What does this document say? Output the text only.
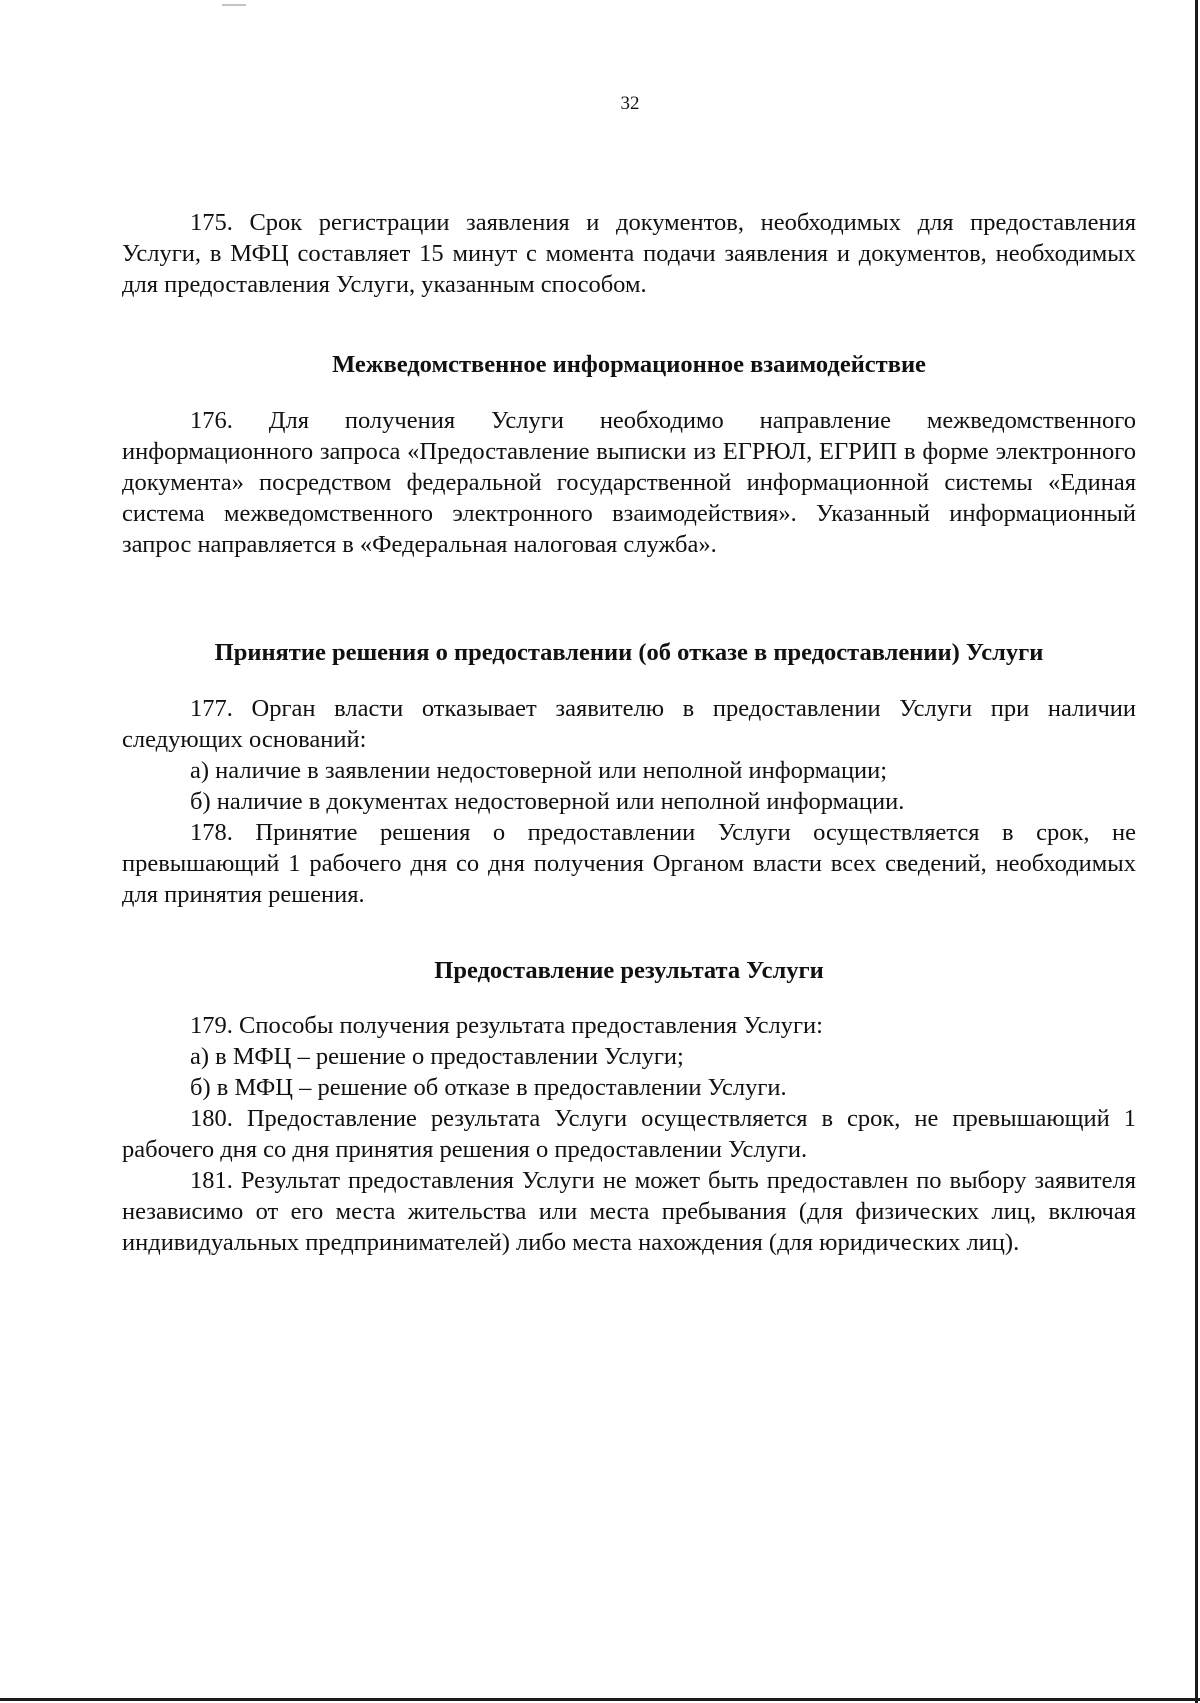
32

175. Срок регистрации заявления и документов, необходимых для предоставления Услуги, в МФЦ составляет 15 минут с момента подачи заявления и документов, необходимых для предоставления Услуги, указанным способом.

Межведомственное информационное взаимодействие

176. Для получения Услуги необходимо направление межведомственного информационного запроса «Предоставление выписки из ЕГРЮЛ, ЕГРИП в форме электронного документа» посредством федеральной государственной информационной системы «Единая система межведомственного электронного взаимодействия». Указанный информационный запрос направляется в «Федеральная налоговая служба».

Принятие решения о предоставлении (об отказе в предоставлении) Услуги

177. Орган власти отказывает заявителю в предоставлении Услуги при наличии следующих оснований:

а) наличие в заявлении недостоверной или неполной информации;

б) наличие в документах недостоверной или неполной информации.

178. Принятие решения о предоставлении Услуги осуществляется в срок, не превышающий 1 рабочего дня со дня получения Органом власти всех сведений, необходимых для принятия решения.

Предоставление результата Услуги

179. Способы получения результата предоставления Услуги:

а) в МФЦ – решение о предоставлении Услуги;

б) в МФЦ – решение об отказе в предоставлении Услуги.

180. Предоставление результата Услуги осуществляется в срок, не превышающий 1 рабочего дня со дня принятия решения о предоставлении Услуги.

181. Результат предоставления Услуги не может быть предоставлен по выбору заявителя независимо от его места жительства или места пребывания (для физических лиц, включая индивидуальных предпринимателей) либо места нахождения (для юридических лиц).
